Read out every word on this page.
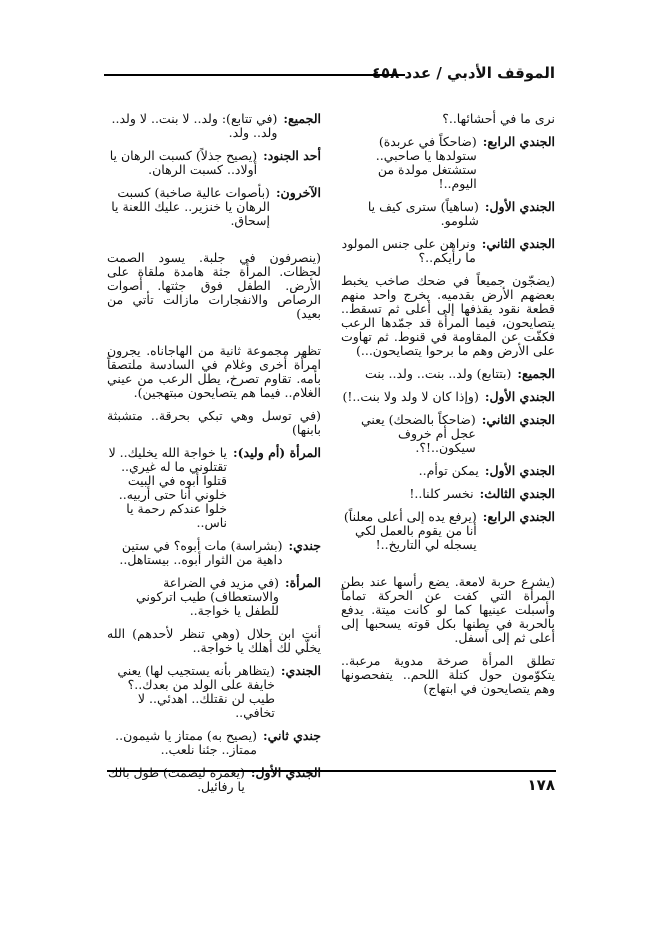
الموقف الأدبي / عدد ٤٥٨
نرى ما في أحشائها..؟
الجندي الرابع:
(ضاحكاً في عربدة) ستولدها يا صاحبي.. ستشتغل مولدة من اليوم..!
الجندي الأول:
(ساهياً) سترى كيف يا شلومو.
الجندي الثاني:
ونراهن على جنس المولود ما رأيكم..؟
(يضجّون جميعاً في ضحك صاخب يخبط بعضهم الأرض بقدميه. يخرج واحد منهم قطعة نقود يقذفها إلى أعلى ثم تسقط.. يتصايحون، فيما المرأة قد جمّدها الرعب فكفّت عن المقاومة في قنوط. ثم تهاوت على الأرض وهم ما برحوا يتصايحون...)
الجميع:
(بتتابع) ولد.. بنت.. ولد.. بنت
الجندي الأول:
(وإذا كان لا ولد ولا بنت..!)
الجندي الثاني:
(ضاحكاً بالضحك) يعني عجل أم خروف سيكون..!؟.
الجندي الأول:
يمكن توأم..
الجندي الثالث:
نخسر كلنا..!
الجندي الرابع:
(يرفع يده إلى أعلى معلناً) أنا من يقوم بالعمل لكي يسجله لي التاريخ..!
(يشرع حربة لامعة. يضع رأسها عند بطن المرأة التي كفت عن الحركة تماماً وأسبلت عينيها كما لو كانت ميتة. يدفع بالحربة في بطنها بكل قوته يسحبها إلى أعلى ثم إلى أسفل.
تطلق المرأة صرخة مدوية مرعبة.. يتكوّمون حول كتلة اللحم.. يتفحصونها وهم يتصايحون في ابتهاج)
الجميع:
(في تتابع): ولد.. لا بنت.. لا ولد.. ولد.. ولد.
أحد الجنود:
(يصيح جذلاً) كسبت الرهان يا أولاد.. كسبت الرهان.
الآخرون:
(بأصوات عالية صاخبة) كسبت الرهان يا خنزير.. عليك اللعنة يا إسحاق.
(ينصرفون في جلبة. يسود الصمت لحظات. المرأة جثة هامدة ملقاة على الأرض. الطفل فوق جثتها. أصوات الرصاص والانفجارات مازالت تأتي من بعيد)
تظهر مجموعة ثانية من الهاجاناه. يجرون امرأة أخرى وغلام في السادسة ملتصقاً بأمه. تقاوم تصرخ، يطل الرعب من عيني الغلام.. فيما هم يتصايحون مبتهجين).
(في توسل وهي تبكي بحرقة.. متشبثة بابنها)
المرأة (أم وليد):
يا خواجة الله يخليك.. لا تقتلوني ما له غيري.. قتلوا أبوه في البيت خلوني أنا حتى أربيه.. خلوا عندكم رحمة يا ناس..
جندي:
(بشراسة) مات أبوه؟ في ستين داهية من الثوار أبوه.. بيستاهل..
المرأة:
(في مزيد في الضراعة والاستعطاف) طيب اتركوني للطفل يا خواجة..
أنت ابن حلال (وهي تنظر لأحدهم) الله يخلّي لك أهلك يا خواجة..
الجندي:
(يتظاهر بأنه يستجيب لها) يعني خايفة على الولد من بعدك..؟ طيب لن نقتلك.. اهدئي.. لا تخافي..
جندي ثاني:
(يصيح به) ممتاز يا شيمون.. ممتاز.. جئنا نلعب..
الجندي الأول:
(يغمزه ليصمت) طول بالك يا رفائيل.	١٧٨
